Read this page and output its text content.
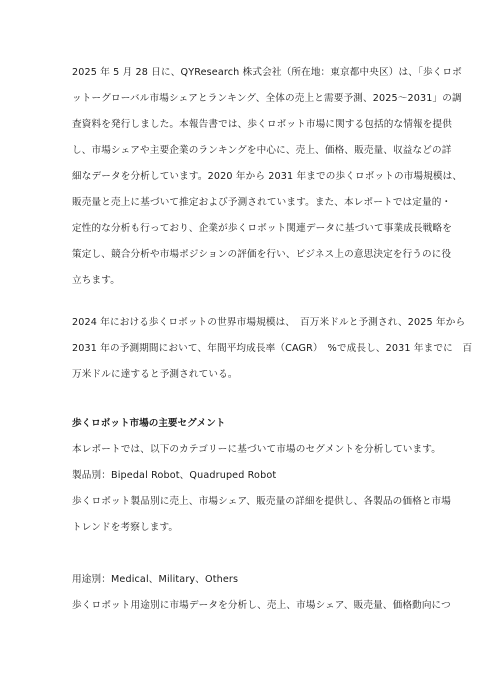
2025 年 5 月 28 日に、QYResearch 株式会社（所在地：東京都中央区）は、「歩くロボ
ットーグローバル市場シェアとランキング、全体の売上と需要予測、2025～2031」の調
査資料を発行しました。本報告書では、歩くロボット市場に関する包括的な情報を提供
し、市場シェアや主要企業のランキングを中心に、売上、価格、販売量、収益などの詳
細なデータを分析しています。2020 年から 2031 年までの歩くロボットの市場規模は、
販売量と売上に基づいて推定および予測されています。また、本レポートでは定量的・
定性的な分析も行っており、企業が歩くロボット関連データに基づいて事業成長戦略を
策定し、競合分析や市場ポジションの評価を行い、ビジネス上の意思決定を行うのに役
立ちます。

2024 年における歩くロボットの世界市場規模は、　百万米ドルと予測され、2025 年から
2031 年の予測期間において、年間平均成長率（CAGR）　%で成長し、2031 年までに　百
万米ドルに達すると予測されている。

歩くロボット市場の主要セグメント

本レポートでは、以下のカテゴリーに基づいて市場のセグメントを分析しています。
製品別：Bipedal Robot、Quadruped Robot
歩くロボット製品別に売上、市場シェア、販売量の詳細を提供し、各製品の価格と市場
トレンドを考察します。

用途別：Medical、Military、Others
歩くロボット用途別に市場データを分析し、売上、市場シェア、販売量、価格動向につ
